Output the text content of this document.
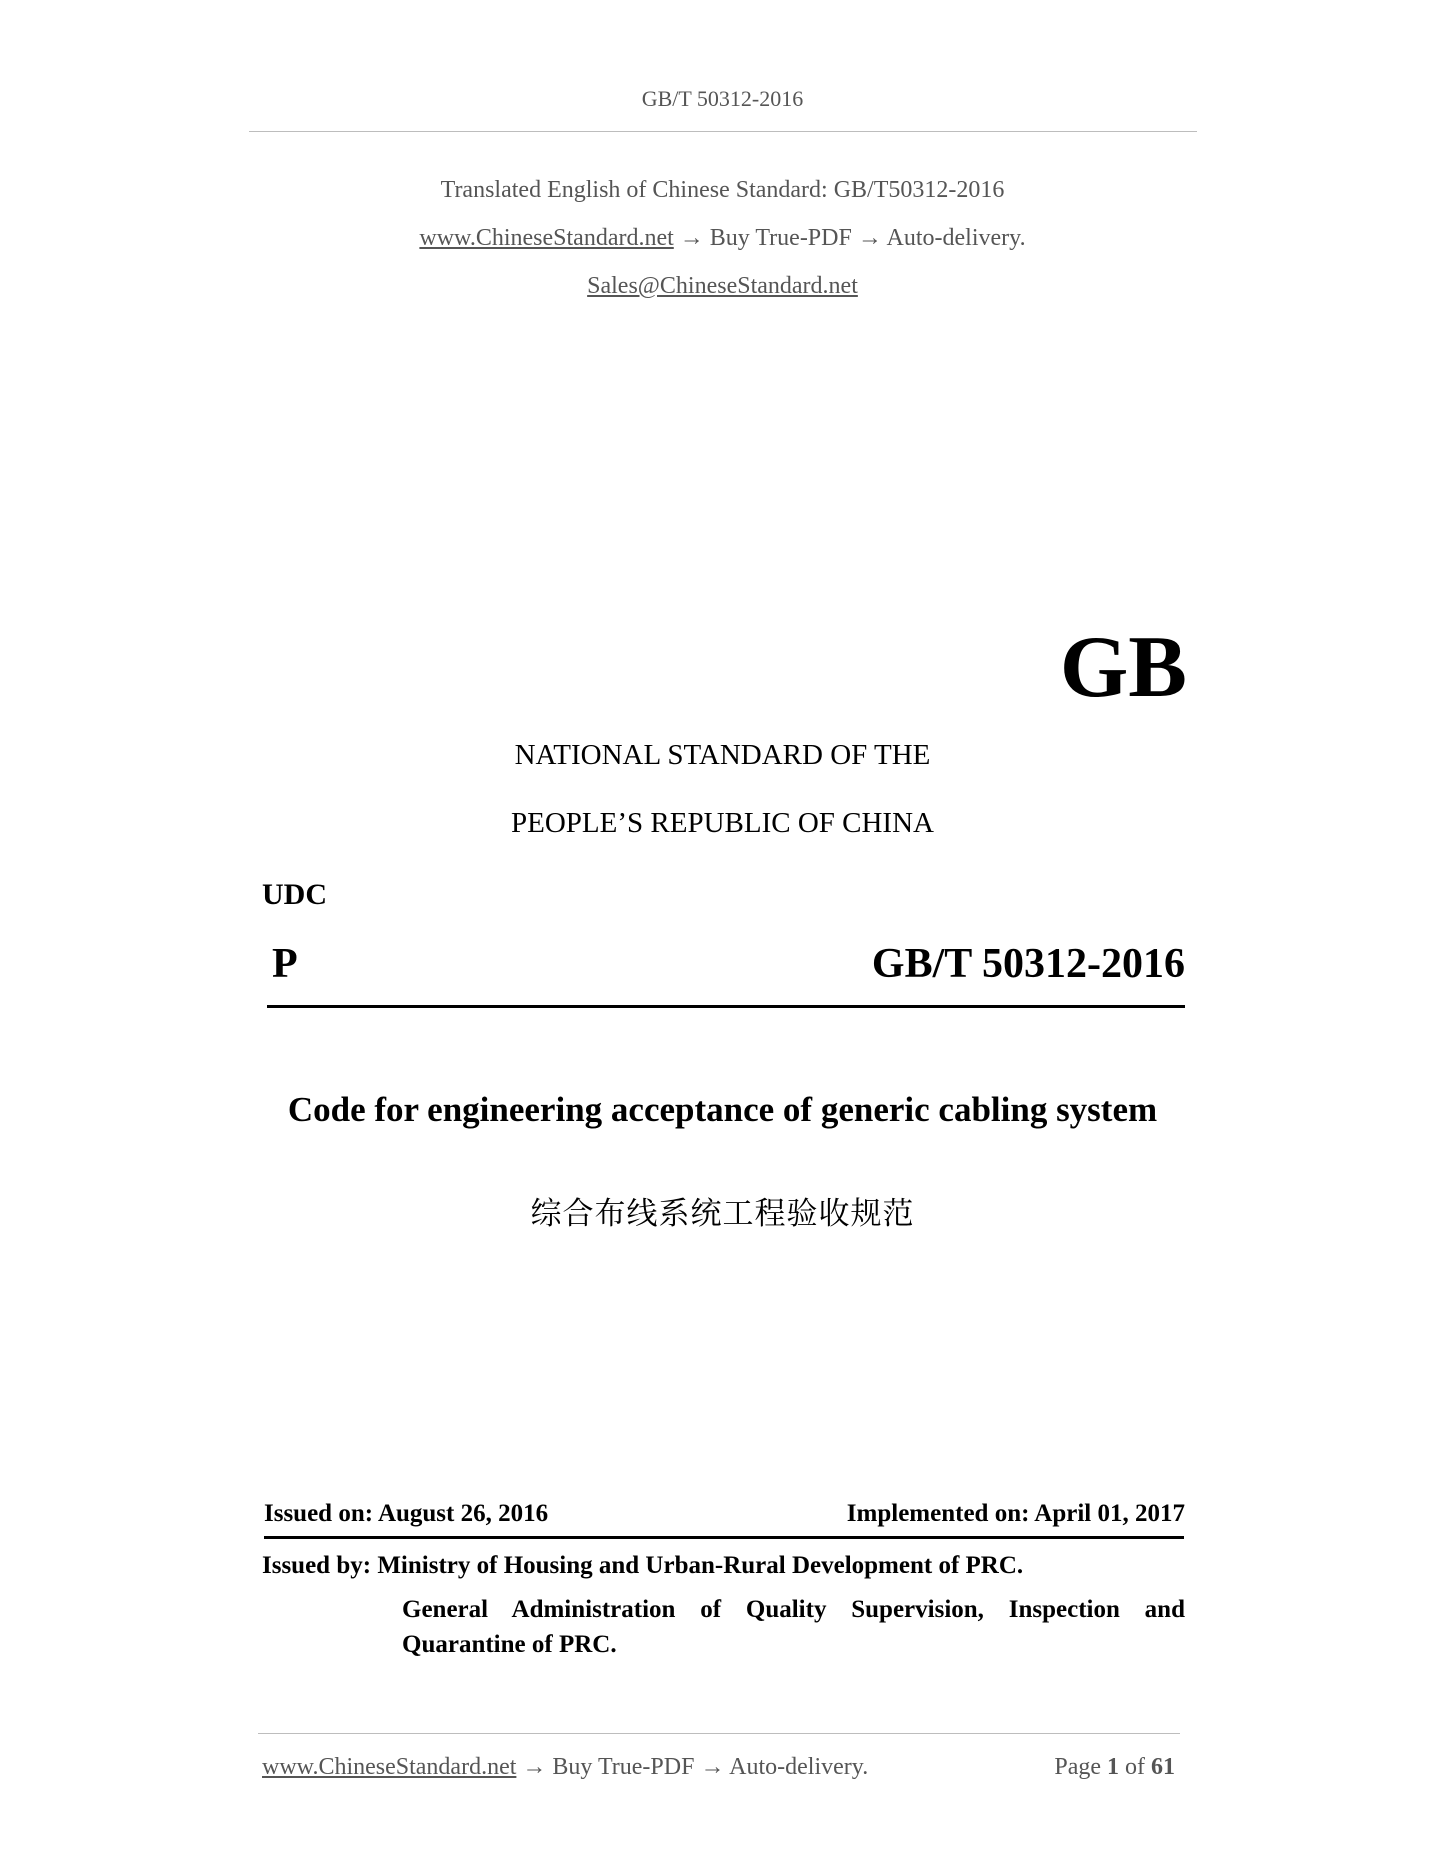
GB/T 50312-2016
Translated English of Chinese Standard: GB/T50312-2016
www.ChineseStandard.net → Buy True-PDF → Auto-delivery.
Sales@ChineseStandard.net
GB
NATIONAL STANDARD OF THE
PEOPLE’S REPUBLIC OF CHINA
UDC
P	GB/T 50312-2016
Code for engineering acceptance of generic cabling system
综合布线系统工程验收规范
Issued on: August 26, 2016	Implemented on: April 01, 2017
Issued by: Ministry of Housing and Urban-Rural Development of PRC.
General Administration of Quality Supervision, Inspection and
Quarantine of PRC.
www.ChineseStandard.net → Buy True-PDF → Auto-delivery.	Page 1 of 61
